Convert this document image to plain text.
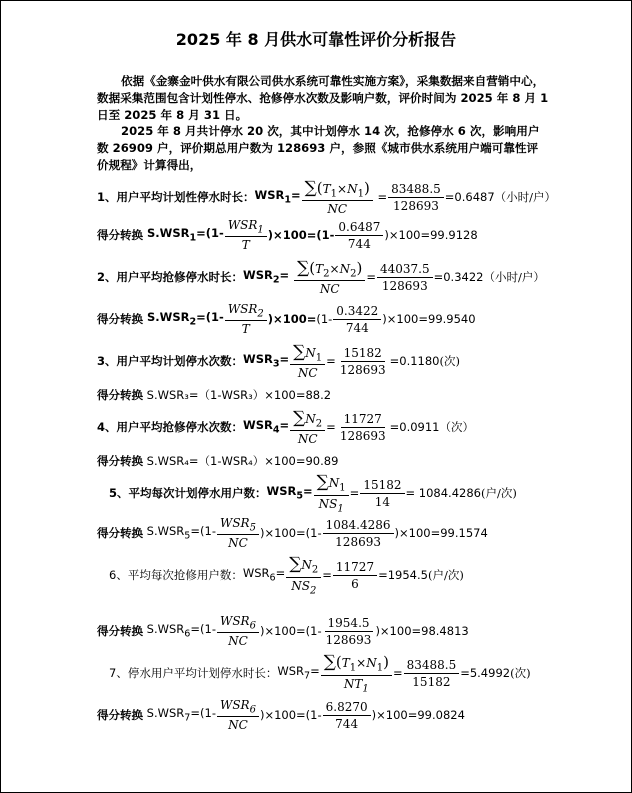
2025 年 8 月供水可靠性评价分析报告
依据《金寨金叶供水有限公司供水系统可靠性实施方案》，采集数据来自营销中心，数据采集范围包含计划性停水、抢修停水次数及影响户数，评价时间为 2025 年 8 月 1 日至 2025 年 8 月 31 日。
2025 年 8 月共计停水 20 次，其中计划停水 14 次，抢修停水 6 次，影响用户数 26909 户，评价期总用户数为 128693 户，参照《城市供水系统用户端可靠性评价规程》计算得出，
1、用户平均计划性停水时长： $WSR_1= \frac{\sum(T_1\times N_1)}{NC} = \frac{83488.5}{128693} =0.6487$ （小时/户）
得分转换 $S.WSR_1=(1- \frac{WSR_1}{T} )\times 100=(1- \frac{0.6487}{744} )\times 100=99.9128$
2、用户平均抢修停水时长： $WSR_2= \frac{\sum(T_2\times N_2)}{NC} = \frac{44037.5}{128693} =0.3422$ （小时/户）
得分转换 $S.WSR_2=(1- \frac{WSR_2}{T} )\times 100= (1- \frac{0.3422}{744} )\times 100=99.9540$
3、用户平均计划停水次数： $WSR_3= \frac{\sum N_1}{NC} = \frac{15182}{128693} =0.1180$ (次)
得分转换 S.WSR₃=（1-WSR₃）×100=88.2
4、用户平均抢修停水次数： $WSR_4= \frac{\sum N_2}{NC} = \frac{11727}{128693} =0.0911$ （次）
得分转换 S.WSR₄=（1-WSR₄）×100=90.89
5、平均每次计划停水用户数： $WSR_5= \frac{\sum N_1}{NS_1} = \frac{15182}{14} = 1084.4286$ (户/次)
得分转换 $S.WSR_5=(1- \frac{WSR_5}{NC} )\times 100=(1- \frac{1084.4286}{128693} )\times 100=99.1574$
6、平均每次抢修用户数： $WSR_6= \frac{\sum N_2}{NS_2} = \frac{11727}{6} =1954.5$ (户/次)
得分转换 $S.WSR_6=(1- \frac{WSR_6}{NC} )\times 100=(1- \frac{1954.5}{128693} )\times 100=98.4813$
7、停水用户平均计划停水时长： $WSR_7= \frac{\sum(T_1\times N_1)}{NT_1} = \frac{83488.5}{15182} =5.4992$ (次)
得分转换 $S.WSR_7=(1- \frac{WSR_6}{NC} )\times 100=(1- \frac{6.8270}{744} )\times 100=99.0824$
